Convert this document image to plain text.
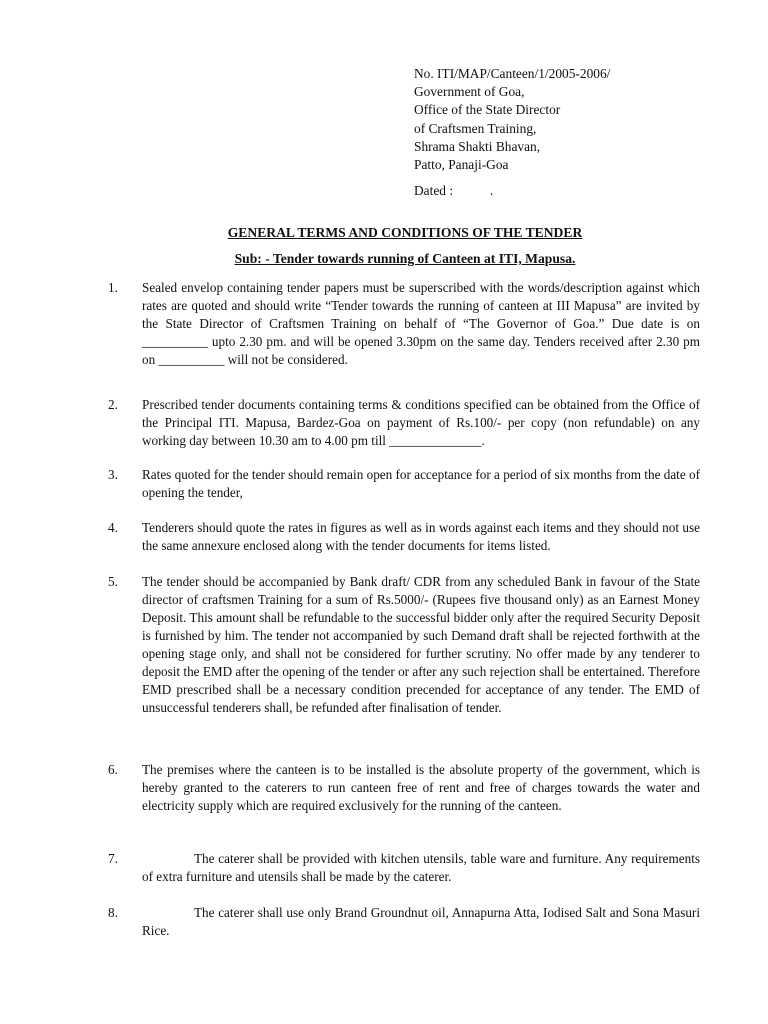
No. ITI/MAP/Canteen/1/2005-2006/
Government of Goa,
Office of the State Director
of Craftsmen Training,
Shrama Shakti Bhavan,
Patto, Panaji-Goa
Dated :           .
GENERAL TERMS AND CONDITIONS OF THE TENDER
Sub: - Tender towards running of Canteen at ITI, Mapusa.
1. Sealed envelop containing tender papers must be superscribed with the words/description against which rates are quoted and should write “Tender towards the running of canteen at III Mapusa” are invited by the State Director of Craftsmen Training on behalf of “The Governor of Goa.” Due date is on __________ upto 2.30 pm. and will be opened 3.30pm on the same day. Tenders received after 2.30 pm on __________ will not be considered.
2. Prescribed tender documents containing terms & conditions specified can be obtained from the Office of the Principal ITI. Mapusa, Bardez-Goa on payment of Rs.100/- per copy (non refundable) on any working day between 10.30 am to 4.00 pm till ______________.
3. Rates quoted for the tender should remain open for acceptance for a period of six months from the date of opening the tender,
4. Tenderers should quote the rates in figures as well as in words against each items and they should not use the same annexure enclosed along with the tender documents for items listed.
5. The tender should be accompanied by Bank draft/ CDR from any scheduled Bank in favour of the State director of craftsmen Training for a sum of Rs.5000/- (Rupees five thousand only) as an Earnest Money Deposit. This amount shall be refundable to the successful bidder only after the required Security Deposit is furnished by him. The tender not accompanied by such Demand draft shall be rejected forthwith at the opening stage only, and shall not be considered for further scrutiny. No offer made by any tenderer to deposit the EMD after the opening of the tender or after any such rejection shall be entertained. Therefore EMD prescribed shall be a necessary condition precended for acceptance of any tender. The EMD of unsuccessful tenderers shall, be refunded after finalisation of tender.
6. The premises where the canteen is to be installed is the absolute property of the government, which is hereby granted to the caterers to run canteen free of rent and free of charges towards the water and electricity supply which are required exclusively for the running of the canteen.
7.	The caterer shall be provided with kitchen utensils, table ware and furniture. Any requirements of extra furniture and utensils shall be made by the caterer.
8.	The caterer shall use only Brand Groundnut oil, Annapurna Atta, Iodised Salt and Sona Masuri Rice.
